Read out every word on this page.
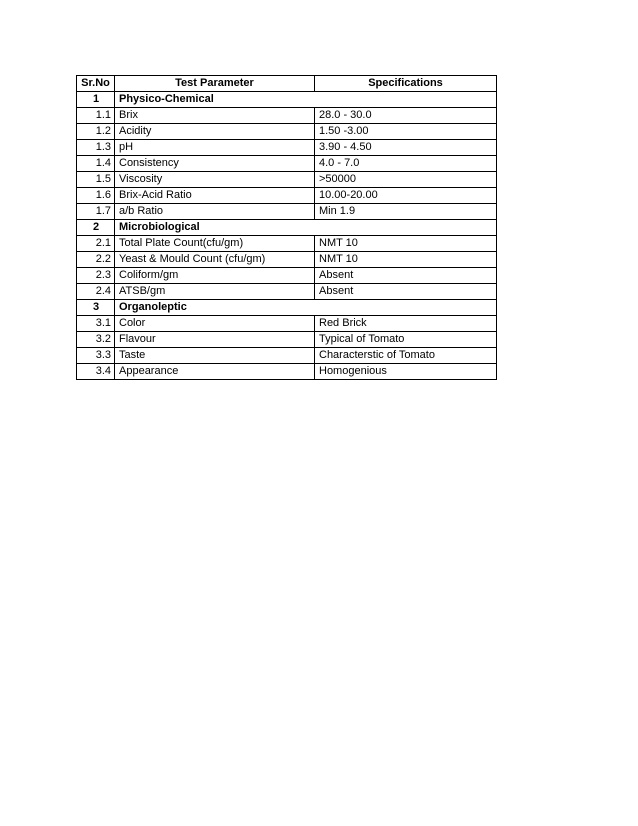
Sr.No	Test Parameter	Specifications
1	Physico-Chemical	
1.1	Brix	28.0 - 30.0
1.2	Acidity	1.50 -3.00
1.3	pH	3.90 - 4.50
1.4	Consistency	4.0 - 7.0
1.5	Viscosity	>50000
1.6	Brix-Acid Ratio	10.00-20.00
1.7	a/b Ratio	Min 1.9
2	Microbiological	
2.1	Total Plate Count(cfu/gm)	NMT 10
2.2	Yeast & Mould Count (cfu/gm)	NMT 10
2.3	Coliform/gm	Absent
2.4	ATSB/gm	Absent
3	Organoleptic	
3.1	Color	Red Brick
3.2	Flavour	Typical of Tomato
3.3	Taste	Characterstic of Tomato
3.4	Appearance	Homogenious
